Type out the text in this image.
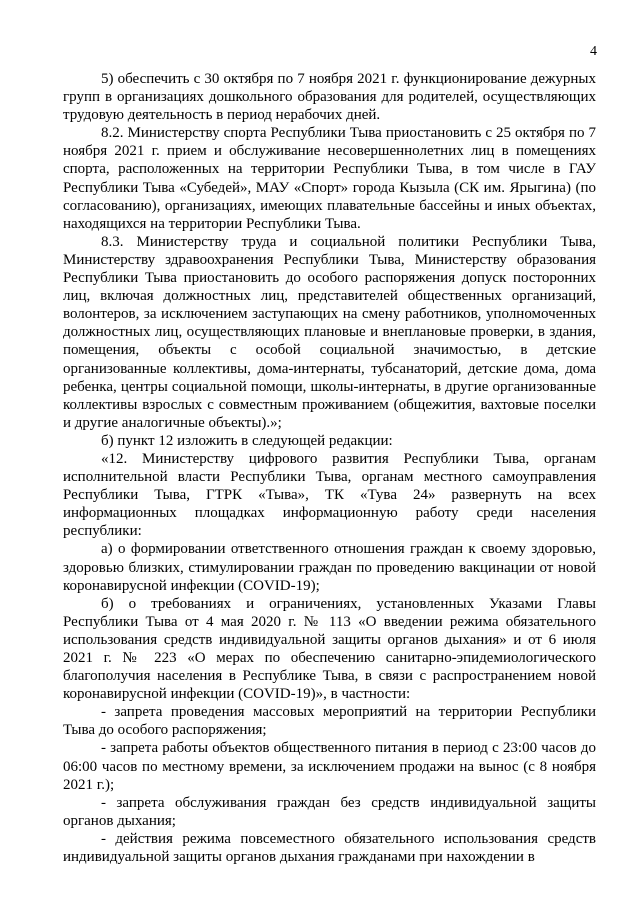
4

5) обеспечить с 30 октября по 7 ноября 2021 г. функционирование дежурных групп в организациях дошкольного образования для родителей, осуществляющих трудовую деятельность в период нерабочих дней.

8.2. Министерству спорта Республики Тыва приостановить с 25 октября по 7 ноября 2021 г. прием и обслуживание несовершеннолетних лиц в помещениях спорта, расположенных на территории Республики Тыва, в том числе в ГАУ Республики Тыва «Субедей», МАУ «Спорт» города Кызыла (СК им. Ярыгина) (по согласованию), организациях, имеющих плавательные бассейны и иных объектах, находящихся на территории Республики Тыва.

8.3. Министерству труда и социальной политики Республики Тыва, Министерству здравоохранения Республики Тыва, Министерству образования Республики Тыва приостановить до особого распоряжения допуск посторонних лиц, включая должностных лиц, представителей общественных организаций, волонтеров, за исключением заступающих на смену работников, уполномоченных должностных лиц, осуществляющих плановые и внеплановые проверки, в здания, помещения, объекты с особой социальной значимостью, в детские организованные коллективы, дома-интернаты, тубсанаторий, детские дома, дома ребенка, центры социальной помощи, школы-интернаты, в другие организованные коллективы взрослых с совместным проживанием (общежития, вахтовые поселки и другие аналогичные объекты).»;

б) пункт 12 изложить в следующей редакции:

«12. Министерству цифрового развития Республики Тыва, органам исполнительной власти Республики Тыва, органам местного самоуправления Республики Тыва, ГТРК «Тыва», ТК «Тува 24» развернуть на всех информационных площадках информационную работу среди населения республики:

а) о формировании ответственного отношения граждан к своему здоровью, здоровью близких, стимулировании граждан по проведению вакцинации от новой коронавирусной инфекции (COVID-19);

б) о требованиях и ограничениях, установленных Указами Главы Республики Тыва от 4 мая 2020 г. № 113 «О введении режима обязательного использования средств индивидуальной защиты органов дыхания» и от 6 июля 2021 г. № 223 «О мерах по обеспечению санитарно-эпидемиологического благополучия населения в Республике Тыва, в связи с распространением новой коронавирусной инфекции (COVID-19)», в частности:

- запрета проведения массовых мероприятий на территории Республики Тыва до особого распоряжения;

- запрета работы объектов общественного питания в период с 23:00 часов до 06:00 часов по местному времени, за исключением продажи на вынос (с 8 ноября 2021 г.);

- запрета обслуживания граждан без средств индивидуальной защиты органов дыхания;

- действия режима повсеместного обязательного использования средств индивидуальной защиты органов дыхания гражданами при нахождении в
